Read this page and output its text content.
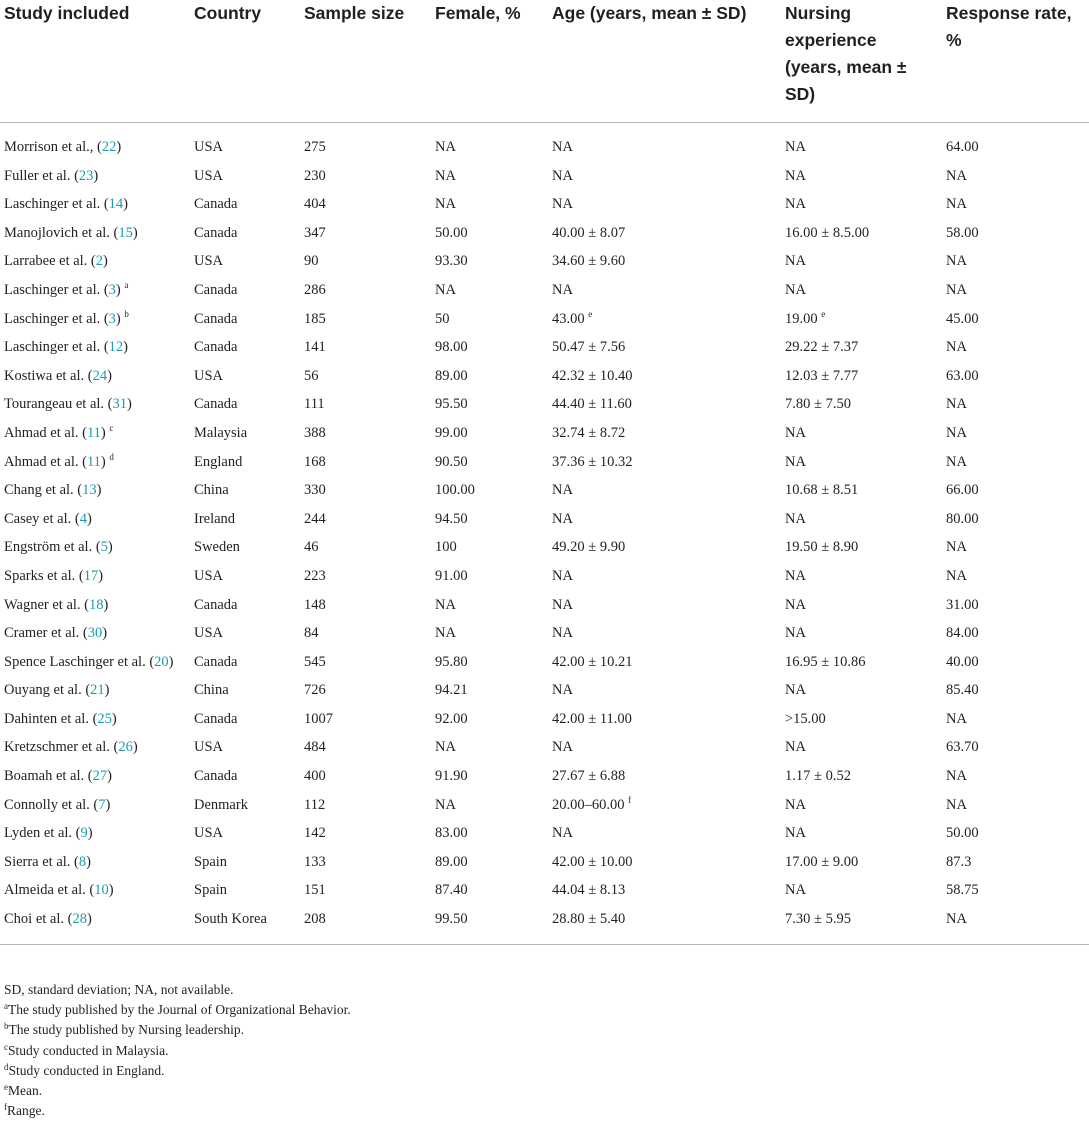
Study included	Country	Sample size	Female, %	Age (years, mean ± SD)	Nursing experience (years, mean ± SD)	Response rate, %
Morrison et al., (22)	USA	275	NA	NA	NA	64.00
Fuller et al. (23)	USA	230	NA	NA	NA	NA
Laschinger et al. (14)	Canada	404	NA	NA	NA	NA
Manojlovich et al. (15)	Canada	347	50.00	40.00 ± 8.07	16.00 ± 8.5.00	58.00
Larrabee et al. (2)	USA	90	93.30	34.60 ± 9.60	NA	NA
Laschinger et al. (3) $^a$	Canada	286	NA	NA	NA	NA
Laschinger et al. (3) $^b$	Canada	185	50	43.00 $^e$	19.00 $^e$	45.00
Laschinger et al. (12)	Canada	141	98.00	50.47 ± 7.56	29.22 ± 7.37	NA
Kostiwa et al. (24)	USA	56	89.00	42.32 ± 10.40	12.03 ± 7.77	63.00
Tourangeau et al. (31)	Canada	111	95.50	44.40 ± 11.60	7.80 ± 7.50	NA
Ahmad et al. (11) $^c$	Malaysia	388	99.00	32.74 ± 8.72	NA	NA
Ahmad et al. (11) $^d$	England	168	90.50	37.36 ± 10.32	NA	NA
Chang et al. (13)	China	330	100.00	NA	10.68 ± 8.51	66.00
Casey et al. (4)	Ireland	244	94.50	NA	NA	80.00
Engström et al. (5)	Sweden	46	100	49.20 ± 9.90	19.50 ± 8.90	NA
Sparks et al. (17)	USA	223	91.00	NA	NA	NA
Wagner et al. (18)	Canada	148	NA	NA	NA	31.00
Cramer et al. (30)	USA	84	NA	NA	NA	84.00
Spence Laschinger et al. (20)	Canada	545	95.80	42.00 ± 10.21	16.95 ± 10.86	40.00
Ouyang et al. (21)	China	726	94.21	NA	NA	85.40
Dahinten et al. (25)	Canada	1007	92.00	42.00 ± 11.00	>15.00	NA
Kretzschmer et al. (26)	USA	484	NA	NA	NA	63.70
Boamah et al. (27)	Canada	400	91.90	27.67 ± 6.88	1.17 ± 0.52	NA
Connolly et al. (7)	Denmark	112	NA	20.00–60.00 $^f$	NA	NA
Lyden et al. (9)	USA	142	83.00	NA	NA	50.00
Sierra et al. (8)	Spain	133	89.00	42.00 ± 10.00	17.00 ± 9.00	87.3
Almeida et al. (10)	Spain	151	87.40	44.04 ± 8.13	NA	58.75
Choi et al. (28)	South Korea	208	99.50	28.80 ± 5.40	7.30 ± 5.95	NA
SD, standard deviation; NA, not available.
$^a$The study published by the Journal of Organizational Behavior.
$^b$The study published by Nursing leadership.
$^c$Study conducted in Malaysia.
$^d$Study conducted in England.
$^e$Mean.
$^f$Range.
